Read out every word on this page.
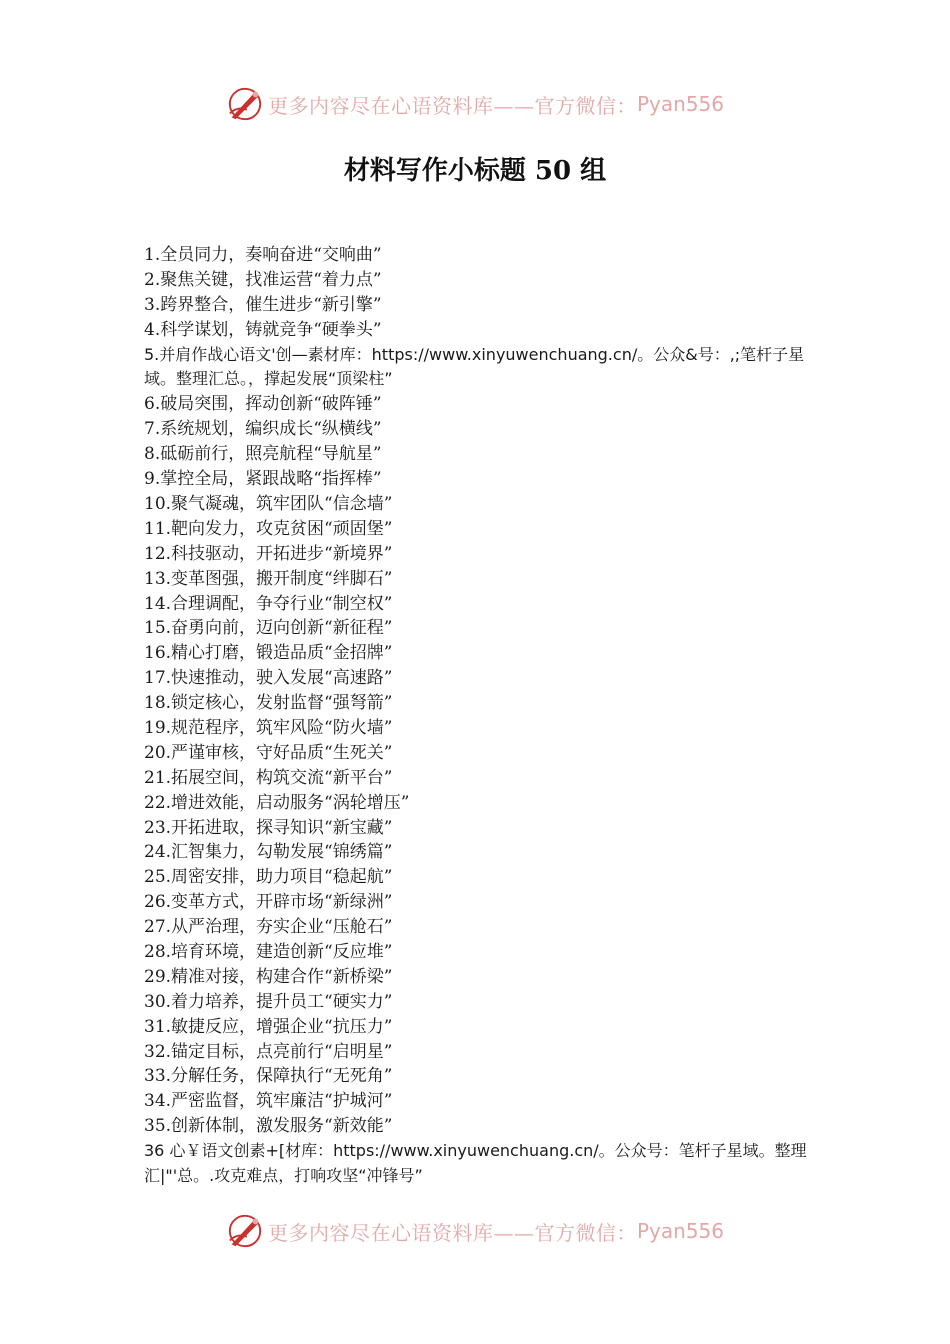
更多内容尽在心语资料库——官方微信： Pyan556
材料写作小标题 50 组
1.全员同力，奏响奋进“交响曲”
2.聚焦关键，找准运营“着力点”
3.跨界整合，催生进步“新引擎”
4.科学谋划，铸就竞争“硬拳头”
5.并肩作战心语文'创—素材库：https://www.xinyuwenchuang.cn/。公众&号：,;笔杆子星域。整理汇总。，撑起发展“顶梁柱”
6.破局突围，挥动创新“破阵锤”
7.系统规划，编织成长“纵横线”
8.砥砺前行，照亮航程“导航星”
9.掌控全局，紧跟战略“指挥棒”
10.聚气凝魂，筑牢团队“信念墙”
11.靶向发力，攻克贫困“顽固堡”
12.科技驱动，开拓进步“新境界”
13.变革图强，搬开制度“绊脚石”
14.合理调配，争夺行业“制空权”
15.奋勇向前，迈向创新“新征程”
16.精心打磨，锻造品质“金招牌”
17.快速推动，驶入发展“高速路”
18.锁定核心，发射监督“强弩箭”
19.规范程序，筑牢风险“防火墙”
20.严谨审核，守好品质“生死关”
21.拓展空间，构筑交流“新平台”
22.增进效能，启动服务“涡轮增压”
23.开拓进取，探寻知识“新宝藏”
24.汇智集力，勾勒发展“锦绣篇”
25.周密安排，助力项目“稳起航”
26.变革方式，开辟市场“新绿洲”
27.从严治理，夯实企业“压舱石”
28.培育环境，建造创新“反应堆”
29.精准对接，构建合作“新桥梁”
30.着力培养，提升员工“硬实力”
31.敏捷反应，增强企业“抗压力”
32.锚定目标，点亮前行“启明星”
33.分解任务，保障执行“无死角”
34.严密监督，筑牢廉洁“护城河”
35.创新体制，激发服务“新效能”
36 心￥语文创素+[材库：https://www.xinyuwenchuang.cn/。公众号：笔杆子星域。整理汇|"'总。.攻克难点，打响攻坚“冲锋号”
更多内容尽在心语资料库——官方微信： Pyan556
